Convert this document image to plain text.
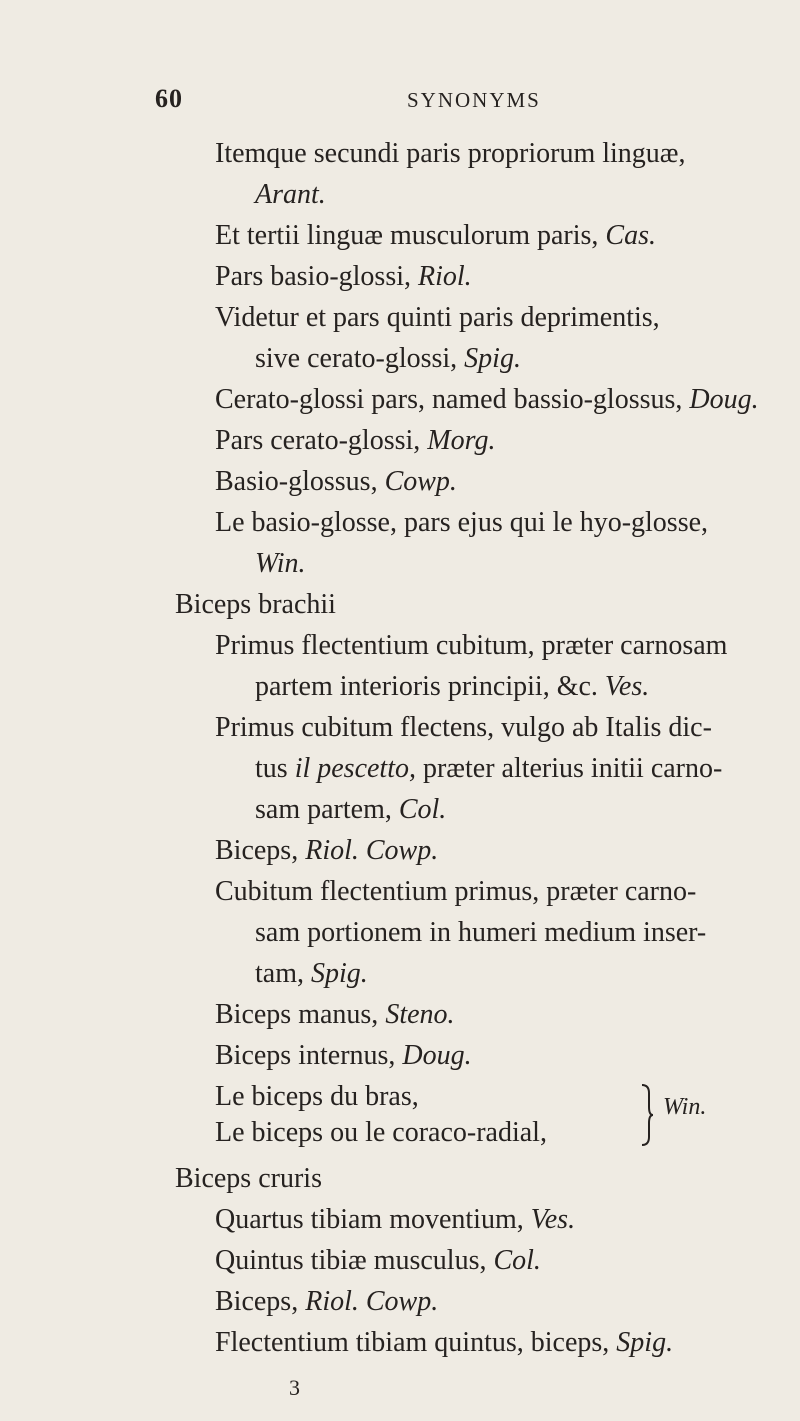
60	SYNONYMS
Itemque secundi paris propriorum linguæ,
Arant.
Et tertii linguæ musculorum paris, Cas.
Pars basio-glossi, Riol.
Videtur et pars quinti paris deprimentis,
sive cerato-glossi, Spig.
Cerato-glossi pars, named bassio-glossus, Doug.
Pars cerato-glossi, Morg.
Basio-glossus, Cowp.
Le basio-glosse, pars ejus qui le hyo-glosse,
Win.
Biceps brachii
Primus flectentium cubitum, præter carnosam
partem interioris principii, &c. Ves.
Primus cubitum flectens, vulgo ab Italis dic-
tus il pescetto, præter alterius initii carno-
sam partem, Col.
Biceps, Riol. Cowp.
Cubitum flectentium primus, præter carno-
sam portionem in humeri medium inser-
tam, Spig.
Biceps manus, Steno.
Biceps internus, Doug.
Le biceps du bras,
Le biceps ou le coraco-radial,
Win.
Biceps cruris
Quartus tibiam moventium, Ves.
Quintus tibiæ musculus, Col.
Biceps, Riol. Cowp.
Flectentium tibiam quintus, biceps, Spig.
3
